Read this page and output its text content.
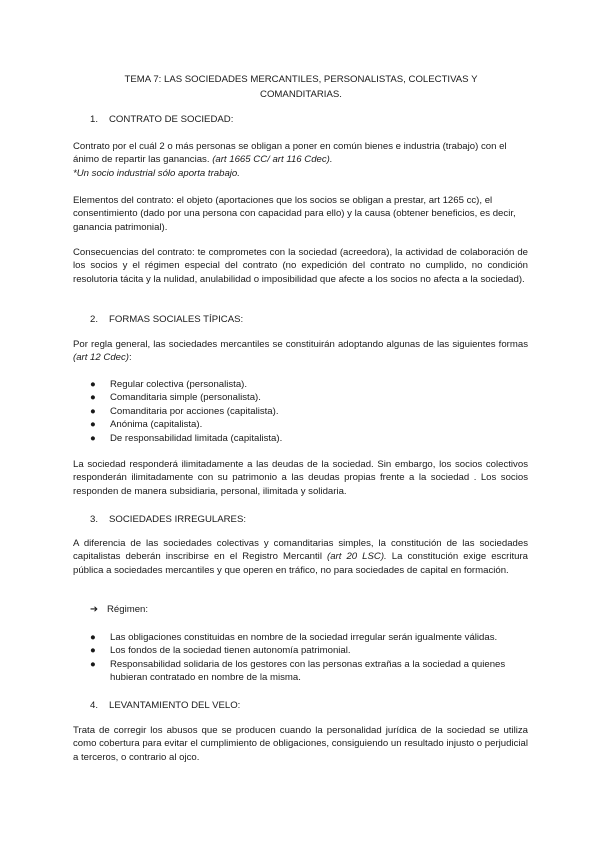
TEMA 7: LAS SOCIEDADES MERCANTILES, PERSONALISTAS, COLECTIVAS Y COMANDITARIAS.

1. CONTRATO DE SOCIEDAD:

Contrato por el cuál 2 o más personas se obligan a poner en común bienes e industria (trabajo) con el ánimo de repartir las ganancias. (art 1665 CC/ art 116 Cdec).
*Un socio industrial sólo aporta trabajo.

Elementos del contrato: el objeto (aportaciones que los socios se obligan a prestar, art 1265 cc), el consentimiento (dado por una persona con capacidad para ello) y la causa (obtener beneficios, es decir, ganancia patrimonial).

Consecuencias del contrato: te comprometes con la sociedad (acreedora), la actividad de colaboración de los socios y el régimen especial del contrato (no expedición del contrato no cumplido, no condición resolutoria tácita y la nulidad, anulabilidad o imposibilidad que afecte a los socios no afecta a la sociedad).

2. FORMAS SOCIALES TÍPICAS:

Por regla general, las sociedades mercantiles se constituirán adoptando algunas de las siguientes formas (art 12 Cdec):

● Regular colectiva (personalista).
● Comanditaria simple (personalista).
● Comanditaria por acciones (capitalista).
● Anónima (capitalista).
● De responsabilidad limitada (capitalista).

La sociedad responderá ilimitadamente a las deudas de la sociedad. Sin embargo, los socios colectivos responderán ilimitadamente con su patrimonio a las deudas propias frente a la sociedad . Los socios responden de manera subsidiaria, personal, ilimitada y solidaria.

3. SOCIEDADES IRREGULARES:

A diferencia de las sociedades colectivas y comanditarias simples, la constitución de las sociedades capitalistas deberán inscribirse en el Registro Mercantil (art 20 LSC). La constitución exige escritura pública a sociedades mercantiles y que operen en tráfico, no para sociedades de capital en formación.

➔ Régimen:

● Las obligaciones constituidas en nombre de la sociedad irregular serán igualmente válidas.
● Los fondos de la sociedad tienen autonomía patrimonial.
● Responsabilidad solidaria de los gestores con las personas extrañas a la sociedad a quienes hubieran contratado en nombre de la misma.

4. LEVANTAMIENTO DEL VELO:

Trata de corregir los abusos que se producen cuando la personalidad jurídica de la sociedad se utiliza como cobertura para evitar el cumplimiento de obligaciones, consiguiendo un resultado injusto o perjudicial a terceros, o contrario al ojco.
